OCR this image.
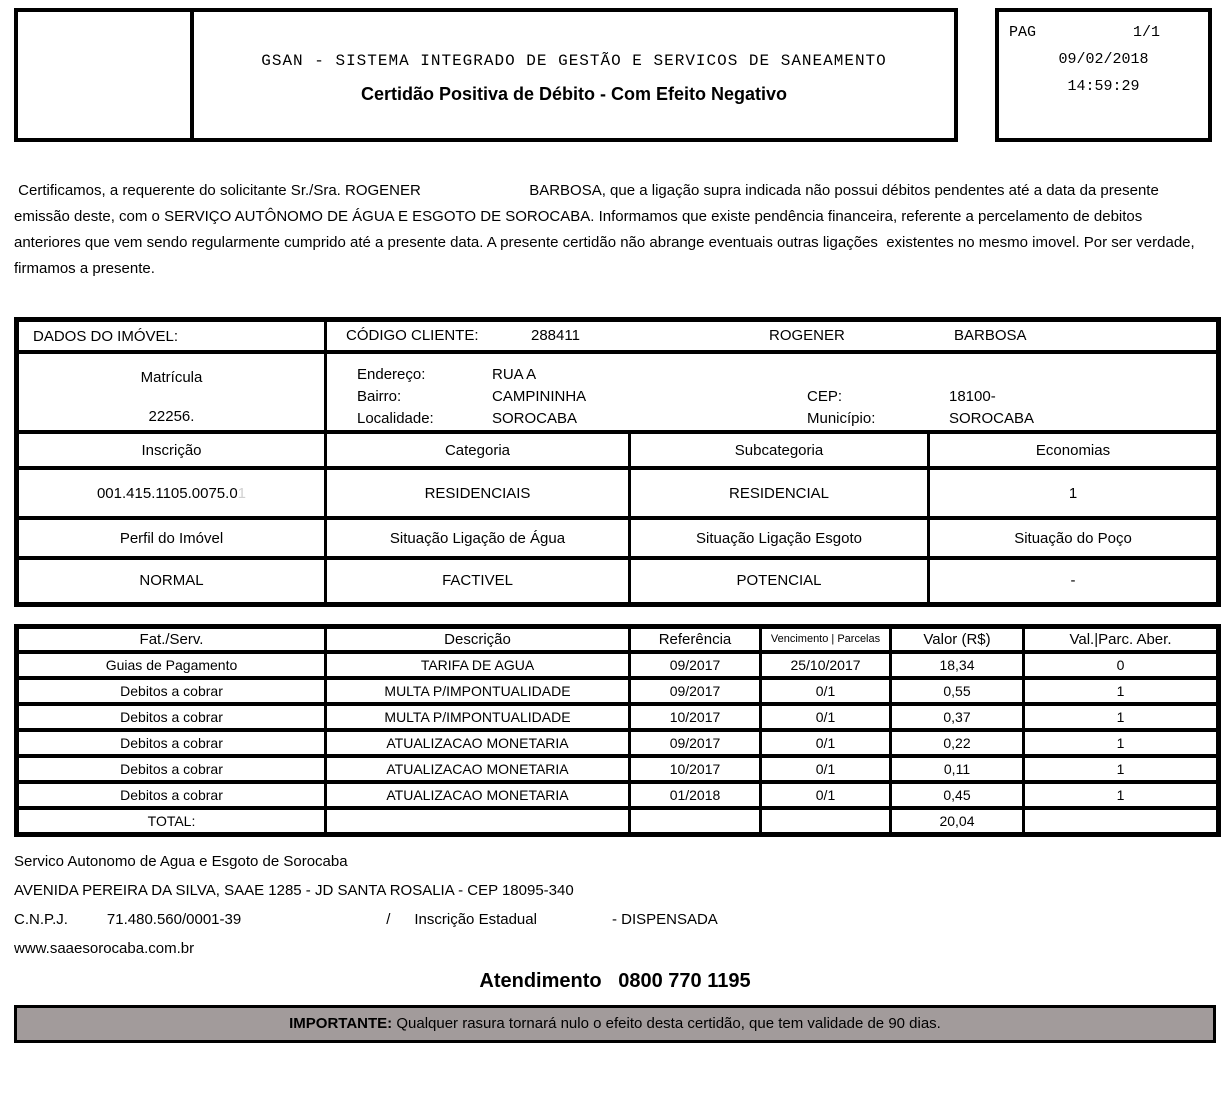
GSAN - SISTEMA INTEGRADO DE GESTÃO E SERVICOS DE SANEAMENTO
Certidão Positiva de Débito - Com Efeito Negativo
PAG	1/1
09/02/2018
14:59:29

Certificamos, a requerente do solicitante Sr./Sra. ROGENER                          BARBOSA, que a ligação supra indicada não possui débitos pendentes até a data da presente emissão deste, com o SERVIÇO AUTÔNOMO DE ÁGUA E ESGOTO DE SOROCABA. Informamos que existe pendência financeira, referente a percelamento de debitos anteriores que vem sendo regularmente cumprido até a presente data. A presente certidão não abrange eventuais outras ligações  existentes no mesmo imovel. Por ser verdade, firmamos a presente.

DADOS DO IMÓVEL:	CÓDIGO CLIENTE: 288411 ROGENER BARBOSA		

Matrícula
22256.

Endereço:	RUA A
Bairro:	CAMPININHA	CEP:	18100-
Localidade:	SOROCABA	Município:	SOROCABA

Inscrição	Categoria	Subcategoria	Economias
001.415.1105.0075.01	RESIDENCIAIS	RESIDENCIAL	1
Perfil do Imóvel	Situação Ligação de Água	Situação Ligação Esgoto	Situação do Poço
NORMAL	FACTIVEL	POTENCIAL	-
Fat./Serv.	Descrição	Referência	Vencimento | Parcelas	Valor (R$)	Val.|Parc. Aber.
Guias de Pagamento	TARIFA DE AGUA	09/2017	25/10/2017	18,34	0
Debitos a cobrar	MULTA P/IMPONTUALIDADE	09/2017	0/1	0,55	1
Debitos a cobrar	MULTA P/IMPONTUALIDADE	10/2017	0/1	0,37	1
Debitos a cobrar	ATUALIZACAO MONETARIA	09/2017	0/1	0,22	1
Debitos a cobrar	ATUALIZACAO MONETARIA	10/2017	0/1	0,11	1
Debitos a cobrar	ATUALIZACAO MONETARIA	01/2018	0/1	0,45	1
TOTAL:				20,04	
Servico Autonomo de Agua e Esgoto de Sorocaba
AVENIDA PEREIRA DA SILVA, SAAE 1285 - JD SANTA ROSALIA - CEP 18095-340
C.N.P.J.	71.480.560/0001-39	/ Inscrição Estadual	- DISPENSADA
www.saaesorocaba.com.br
Atendimento   0800 770 1195
IMPORTANTE: Qualquer rasura tornará nulo o efeito desta certidão, que tem validade de 90 dias.
